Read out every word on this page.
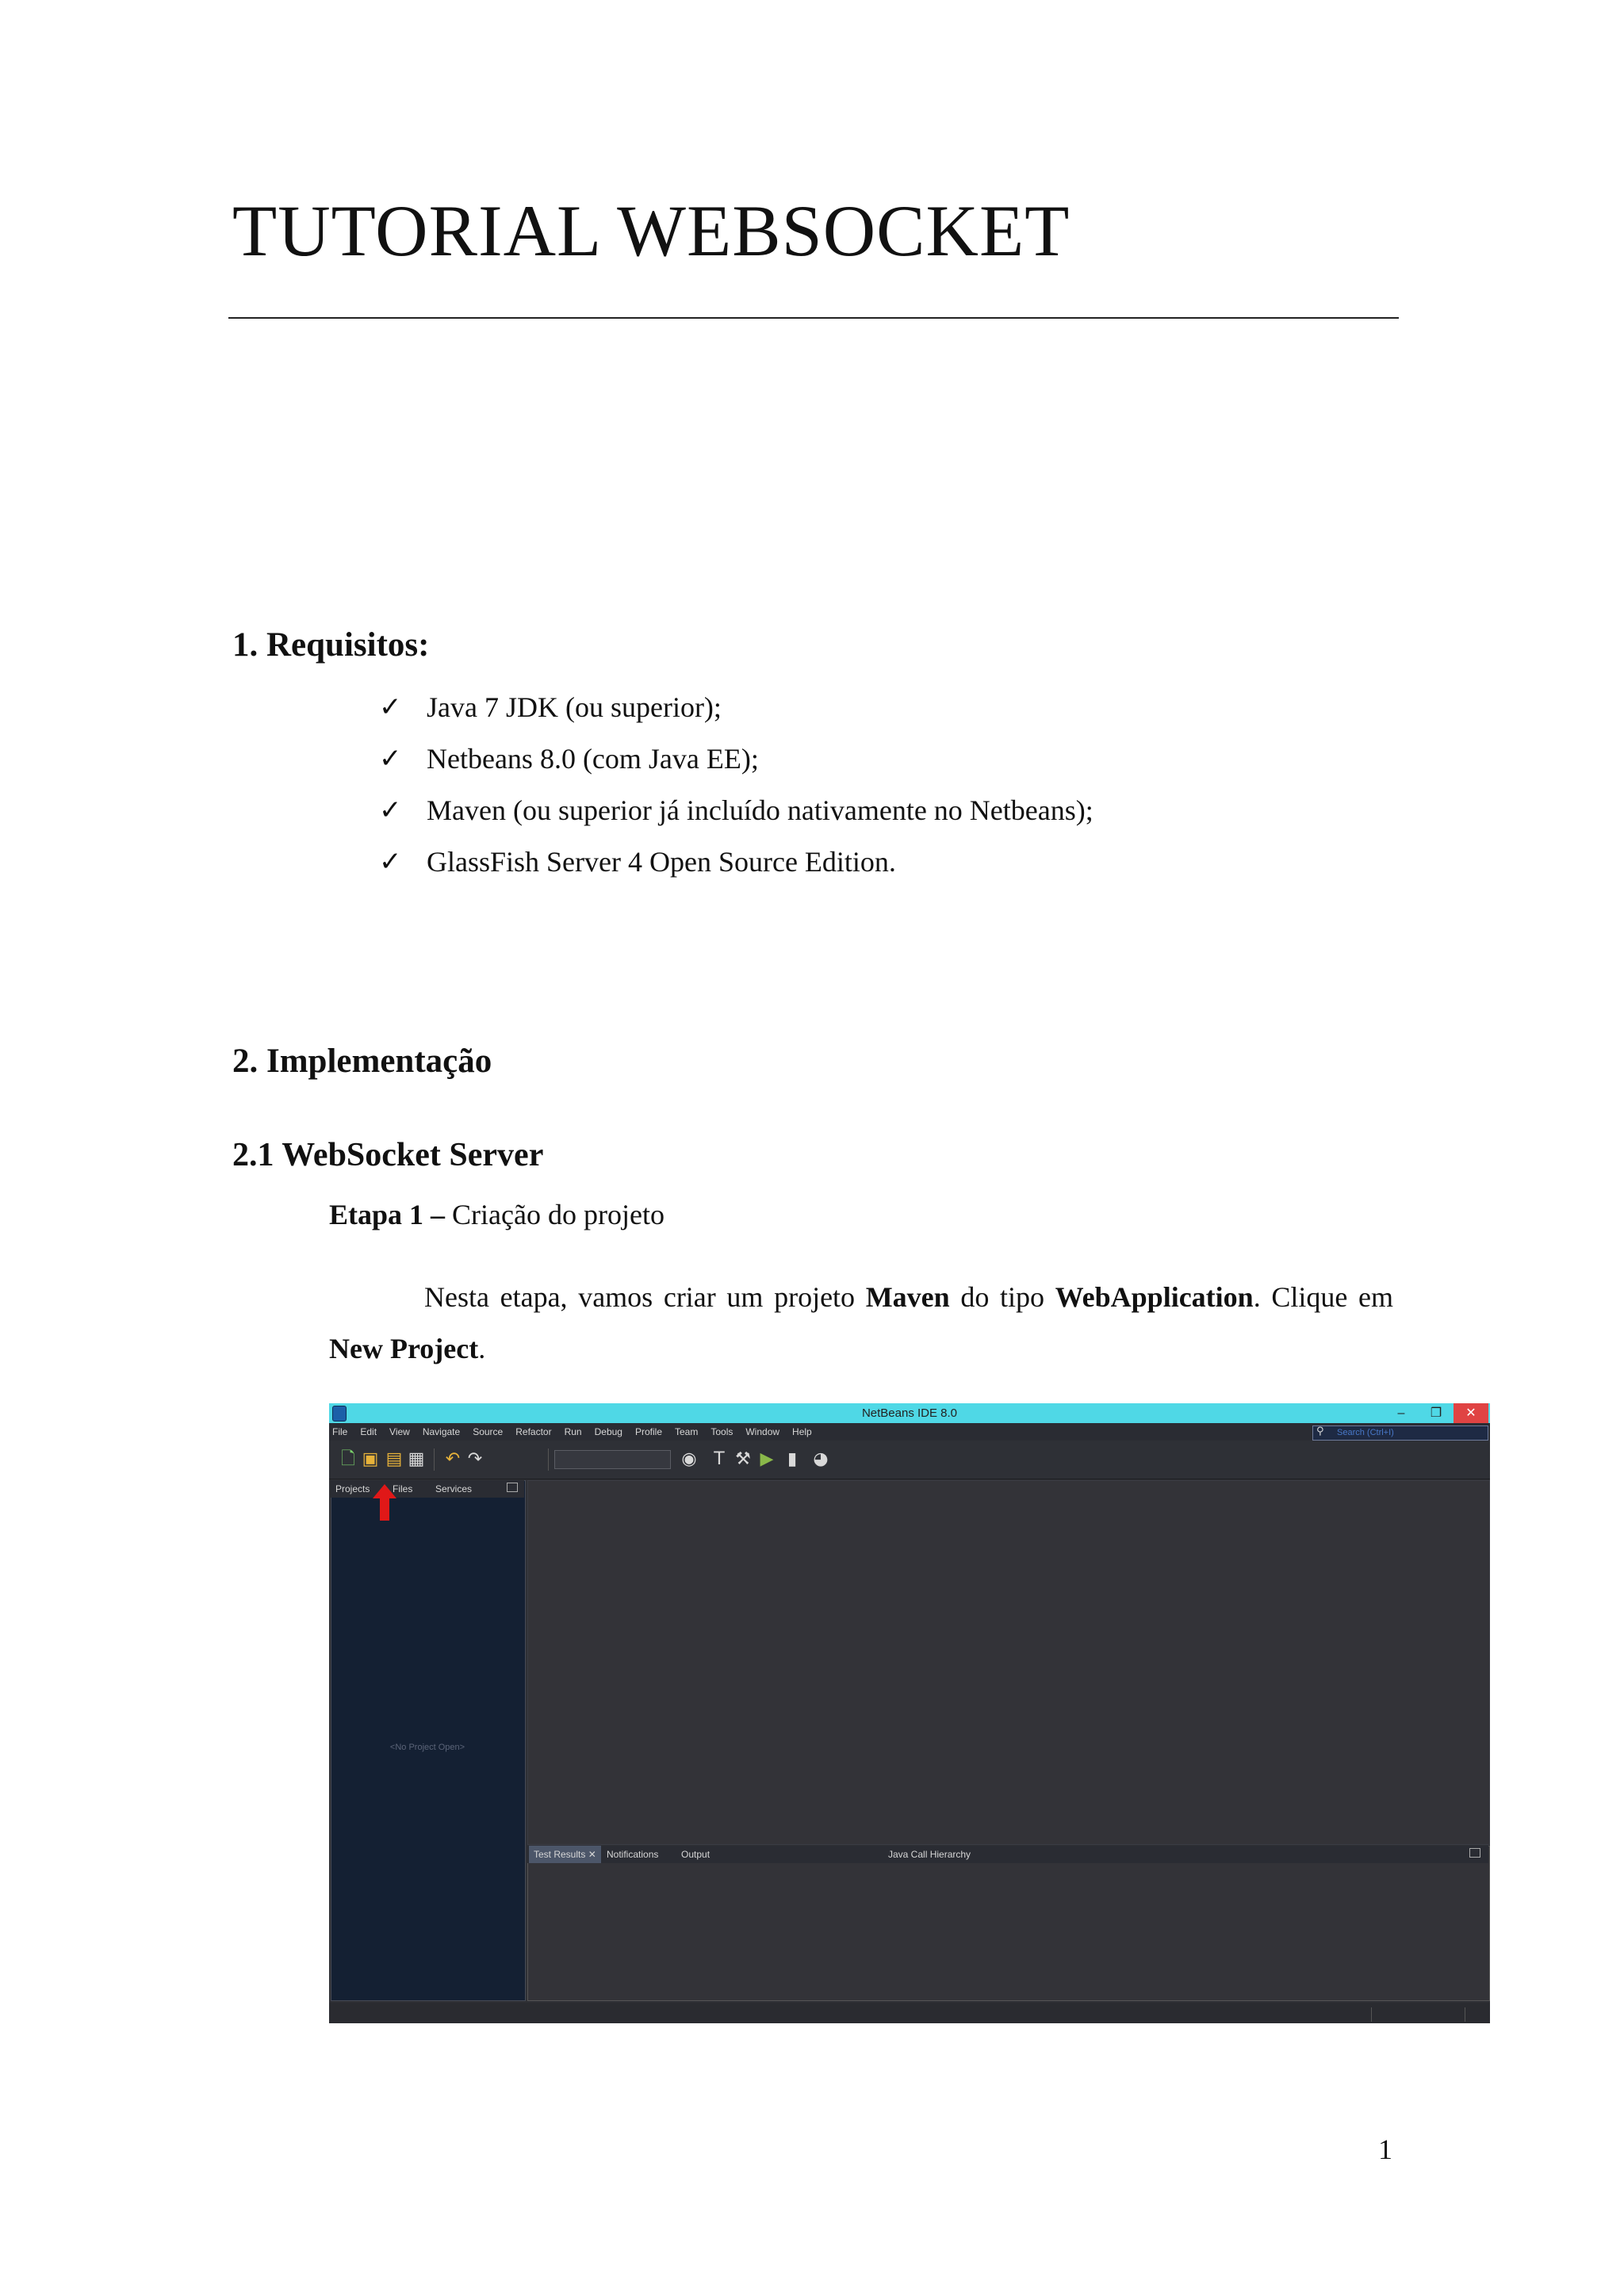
TUTORIAL WEBSOCKET
1. Requisitos:
✓ Java 7 JDK (ou superior);
✓ Netbeans 8.0 (com Java EE);
✓ Maven (ou superior já incluído nativamente no Netbeans);
✓ GlassFish Server 4 Open Source Edition.
2. Implementação
2.1 WebSocket Server
Etapa 1 – Criação do projeto
Nesta etapa, vamos criar um projeto Maven do tipo WebApplication. Clique em New Project.
NetBeans IDE 8.0	–	❐	✕
File Edit View Navigate Source Refactor Run Debug Profile Team Tools Window Help	⚲ Search (Ctrl+I)
🗋 ▣ ▤ ▦ ↶ ↷	◉ T ⚒ ▶ ▮ ◕
Projects Files Services
<No Project Open>
Test Results ✕	Notifications Output	Java Call Hierarchy
1
